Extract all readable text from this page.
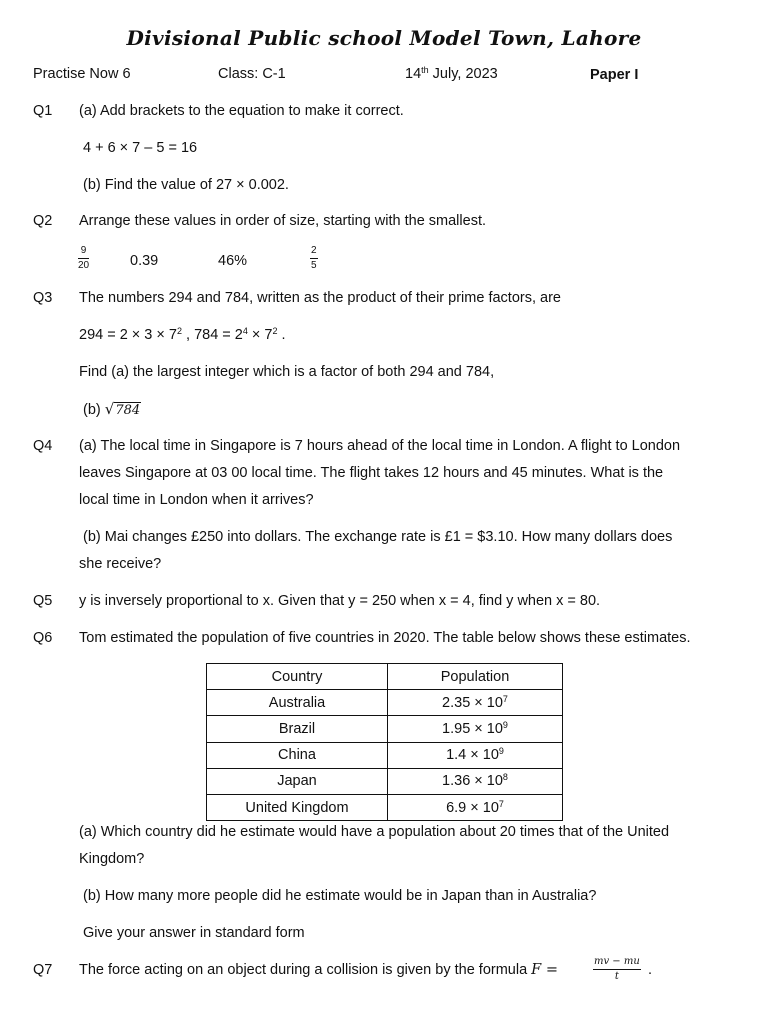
Divisional Public school Model Town, Lahore
Practise Now 6	Class: C-1	14th July, 2023	Paper I
Q1 (a) Add brackets to the equation to make it correct.
4 + 6 × 7 – 5 = 16
(b) Find the value of 27 × 0.002.
Q2 Arrange these values in order of size, starting with the smallest.
9
20	0.39	46%
2
5
Q3 The numbers 294 and 784, written as the product of their prime factors, are
$294 = 2 \times 3 \times 7^2$ , $784 = 2^4 \times 7^2$ .
Find (a) the largest integer which is a factor of both 294 and 784,
(b) √784
Q4 (a) The local time in Singapore is 7 hours ahead of the local time in London. A flight to London
leaves Singapore at 03 00 local time. The flight takes 12 hours and 45 minutes. What is the
local time in London when it arrives?
(b) Mai changes £250 into dollars. The exchange rate is £1 = $3.10. How many dollars does
she receive?
Q5 y is inversely proportional to x. Given that y = 250 when x = 4, find y when x = 80.
Q6 Tom estimated the population of five countries in 2020. The table below shows these estimates.
Country	Population
Australia	$2.35 \times 10^7$
Brazil	$1.95 \times 10^9$
China	$1.4 \times 10^9$
Japan	$1.36 \times 10^8$
United Kingdom	$6.9 \times 10^7$
(a) Which country did he estimate would have a population about 20 times that of the United
Kingdom?
(b) How many more people did he estimate would be in Japan than in Australia?
Give your answer in standard form
Q7 The force acting on an object during a collision is given by the formula F =
mv − mu
t	.
